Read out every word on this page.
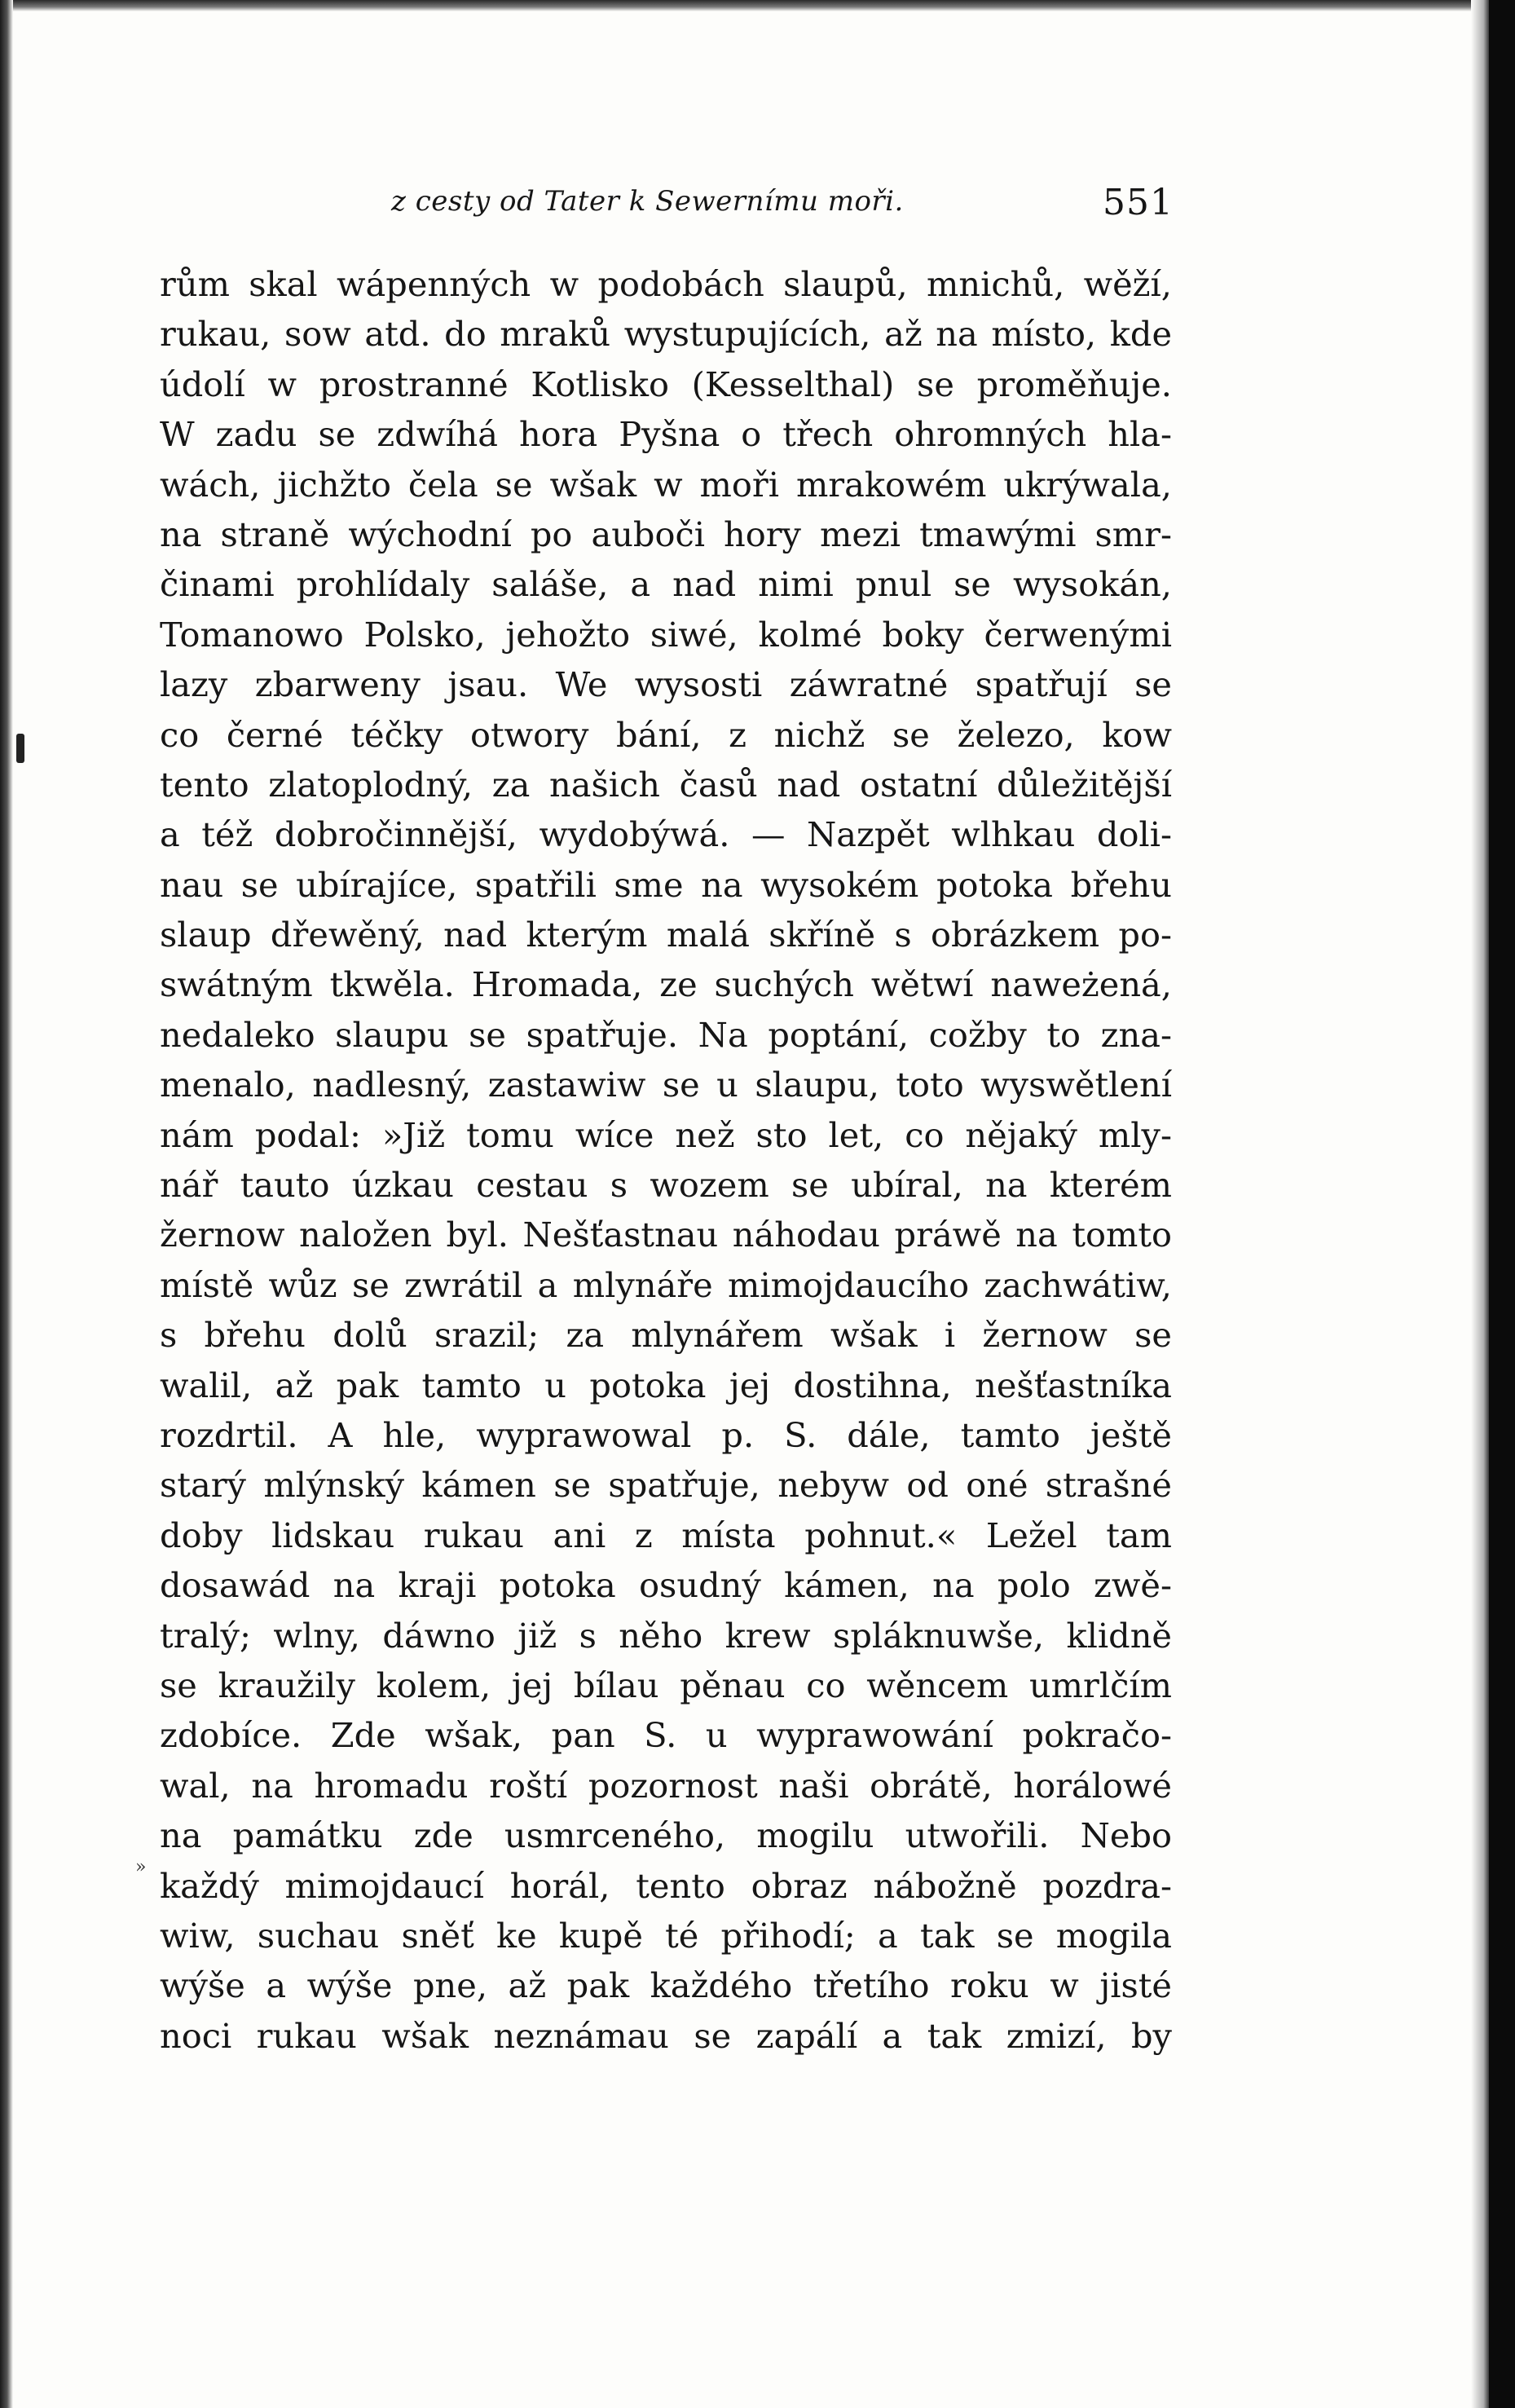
z cesty od Tater k Sewernímu moři.	551
»
rům skal wápenných w podobách slaupů, mnichů, wěží,
rukau, sow atd. do mraků wystupujících, až na místo, kde
údolí w prostranné Kotlisko (Kesselthal) se proměňuje.
W zadu se zdwíhá hora Pyšna o třech ohromných hla-
wách, jichžto čela se wšak w moři mrakowém ukrýwala,
na straně wýchodní po auboči hory mezi tmawými smr-
činami prohlídaly saláše, a nad nimi pnul se wysokán,
Tomanowo Polsko, jehožto siwé, kolmé boky čerwenými
lazy zbarweny jsau. We wysosti záwratné spatřují se
co černé téčky otwory bání, z nichž se železo, kow
tento zlatoplodný, za našich časů nad ostatní důležitější
a též dobročinnější, wydobýwá. — Nazpět wlhkau doli-
nau se ubírajíce, spatřili sme na wysokém potoka břehu
slaup dřewěný, nad kterým malá skříně s obrázkem po-
swátným tkwěla. Hromada, ze suchých wětwí naweżená,
nedaleko slaupu se spatřuje. Na poptání, cožby to zna-
menalo, nadlesný, zastawiw se u slaupu, toto wyswětlení
nám podal: »Již tomu wíce než sto let, co nějaký mly-
nář tauto úzkau cestau s wozem se ubíral, na kterém
žernow naložen byl. Nešťastnau náhodau práwě na tomto
místě wůz se zwrátil a mlynáře mimojdaucího zachwátiw,
s břehu dolů srazil; za mlynářem wšak i žernow se
walil, až pak tamto u potoka jej dostihna, nešťastníka
rozdrtil. A hle, wyprawowal p. S. dále, tamto ještě
starý mlýnský kámen se spatřuje, nebyw od oné strašné
doby lidskau rukau ani z místa pohnut.« Ležel tam
dosawád na kraji potoka osudný kámen, na polo zwě-
tralý; wlny, dáwno již s něho krew spláknuwše, klidně
se kraužily kolem, jej bílau pěnau co wěncem umrlčím
zdobíce. Zde wšak, pan S. u wyprawowání pokračo-
wal, na hromadu roští pozornost naši obrátě, horálowé
na památku zde usmrceného, mogilu utwořili. Nebo
každý mimojdaucí horál, tento obraz nábožně pozdra-
wiw, suchau sněť ke kupě té přihodí; a tak se mogila
wýše a wýše pne, až pak každého třetího roku w jisté
noci rukau wšak neznámau se zapálí a tak zmizí, by
